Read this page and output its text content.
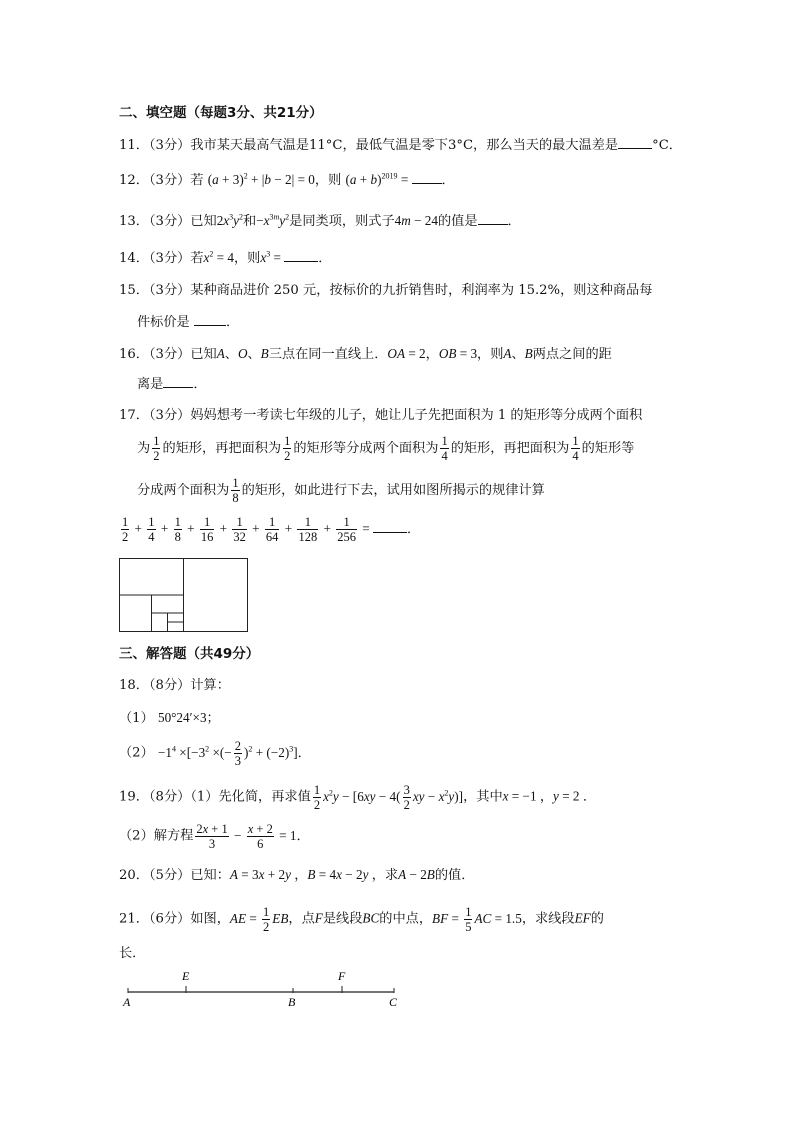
二、填空题（每题3分、共21分）
11．（3分）我市某天最高气温是11°C，最低气温是零下3°C，那么当天的最大温差是	°C．
12．（3分）若 $(a + 3)^2 + |b - 2| = 0$，则 $(a + b)^{2019}$ = ．
13．（3分）已知$2x^3y^2$和$-x^{3m}y^2$是同类项，则式子4m − 24的值是 ．
14．（3分）若$x^2 = 4$，则$x^3$ =	．
15．（3分）某种商品进价 250 元，按标价的九折销售时，利润率为 15.2%，则这种商品每
件标价是	．
16．（3分）已知A、O、B三点在同一直线上．OA = 2，OB = 3，则A、B两点之间的距
离是 ．
17．（3分）妈妈想考一考读七年级的儿子，她让儿子先把面积为 1 的矩形等分成两个面积
为 $\frac{1}{2}$ 的矩形，再把面积为 $\frac{1}{2}$ 的矩形等分成两个面积为 $\frac{1}{4}$ 的矩形，再把面积为 $\frac{1}{4}$ 的矩形等
分成两个面积为 $\frac{1}{8}$ 的矩形，如此进行下去，试用如图所揭示的规律计算
$\frac{1}{2} + \frac{1}{4} + \frac{1}{8} + \frac{1}{16} + \frac{1}{32} + \frac{1}{64} + \frac{1}{128} + \frac{1}{256}$ =	．
三、解答题（共49分）
18．（8分）计算：
（1） 50°24′×3；
$(2) -1^4 \times[-3^2$ ×(− $\frac{2}{3} )^2 + (-2)^3$]．
19．（8分）（1）先化简，再求值 $\frac{1}{2} x^2y - [6xy - 4( \frac{3}{2}$ xy − $x^2y$)]，其中x = −1 ，y = 2 ．
（2）解方程 $\frac{2x + 1}{3} - \frac{x + 2}{6} = 1$．
20．（5分）已知：A = 3x + 2y ，B = 4x − 2y ，求A − 2B的值．
21．（6分）如图，AE = $\frac{1}{2}$ EB，点F是线段BC的中点，BF = $\frac{1}{5}$ AC = 1.5，求线段EF的
长．
A
E
B
F
C
